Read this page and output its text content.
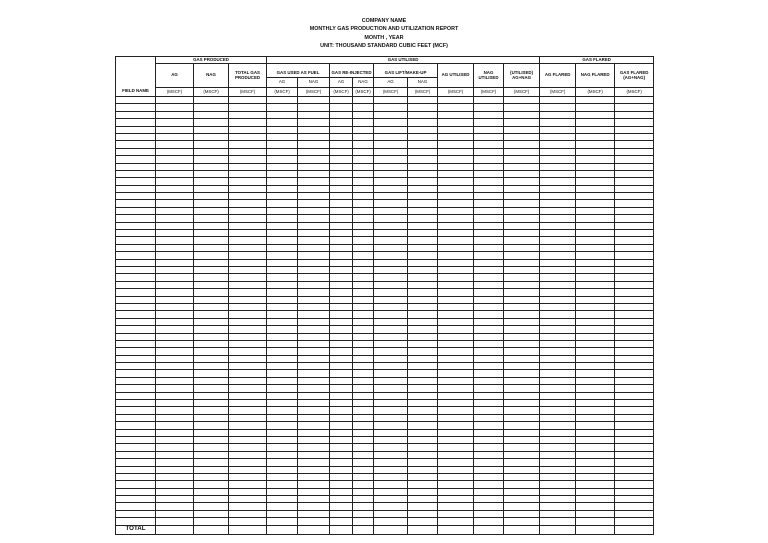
COMPANY NAME
MONTHLY GAS PRODUCTION AND UTILIZATION REPORT
MONTH , YEAR
UNIT: THOUSAND STANDARD CUBIC FEET (MCF)
	GAS PRODUCED			GAS UTILISED									GAS FLARED		
	AG	NAG	TOTAL GAS PRODUCED							AG UTILISED	NAG UTILISED	(UTILISED) AG+NAG	AG FLARED	NAG FLARED	GAS FLARED (AG+NAG)
				GAS USED AS FUEL		GAS RE-INJECTED		GAS LIFT/MAKE-UP							
				AG	NAG	AG	NAG	AG	NAG						
FIELD NAME	(MSCF)	(MSCF)	(MSCF)	(MSCF)	(MSCF)	(MSCF)	(MSCF)	(MSCF)	(MSCF)	(MSCF)	(MSCF)	(MSCF)	(MSCF)	(MSCF)	(MSCF)

TOTAL															
